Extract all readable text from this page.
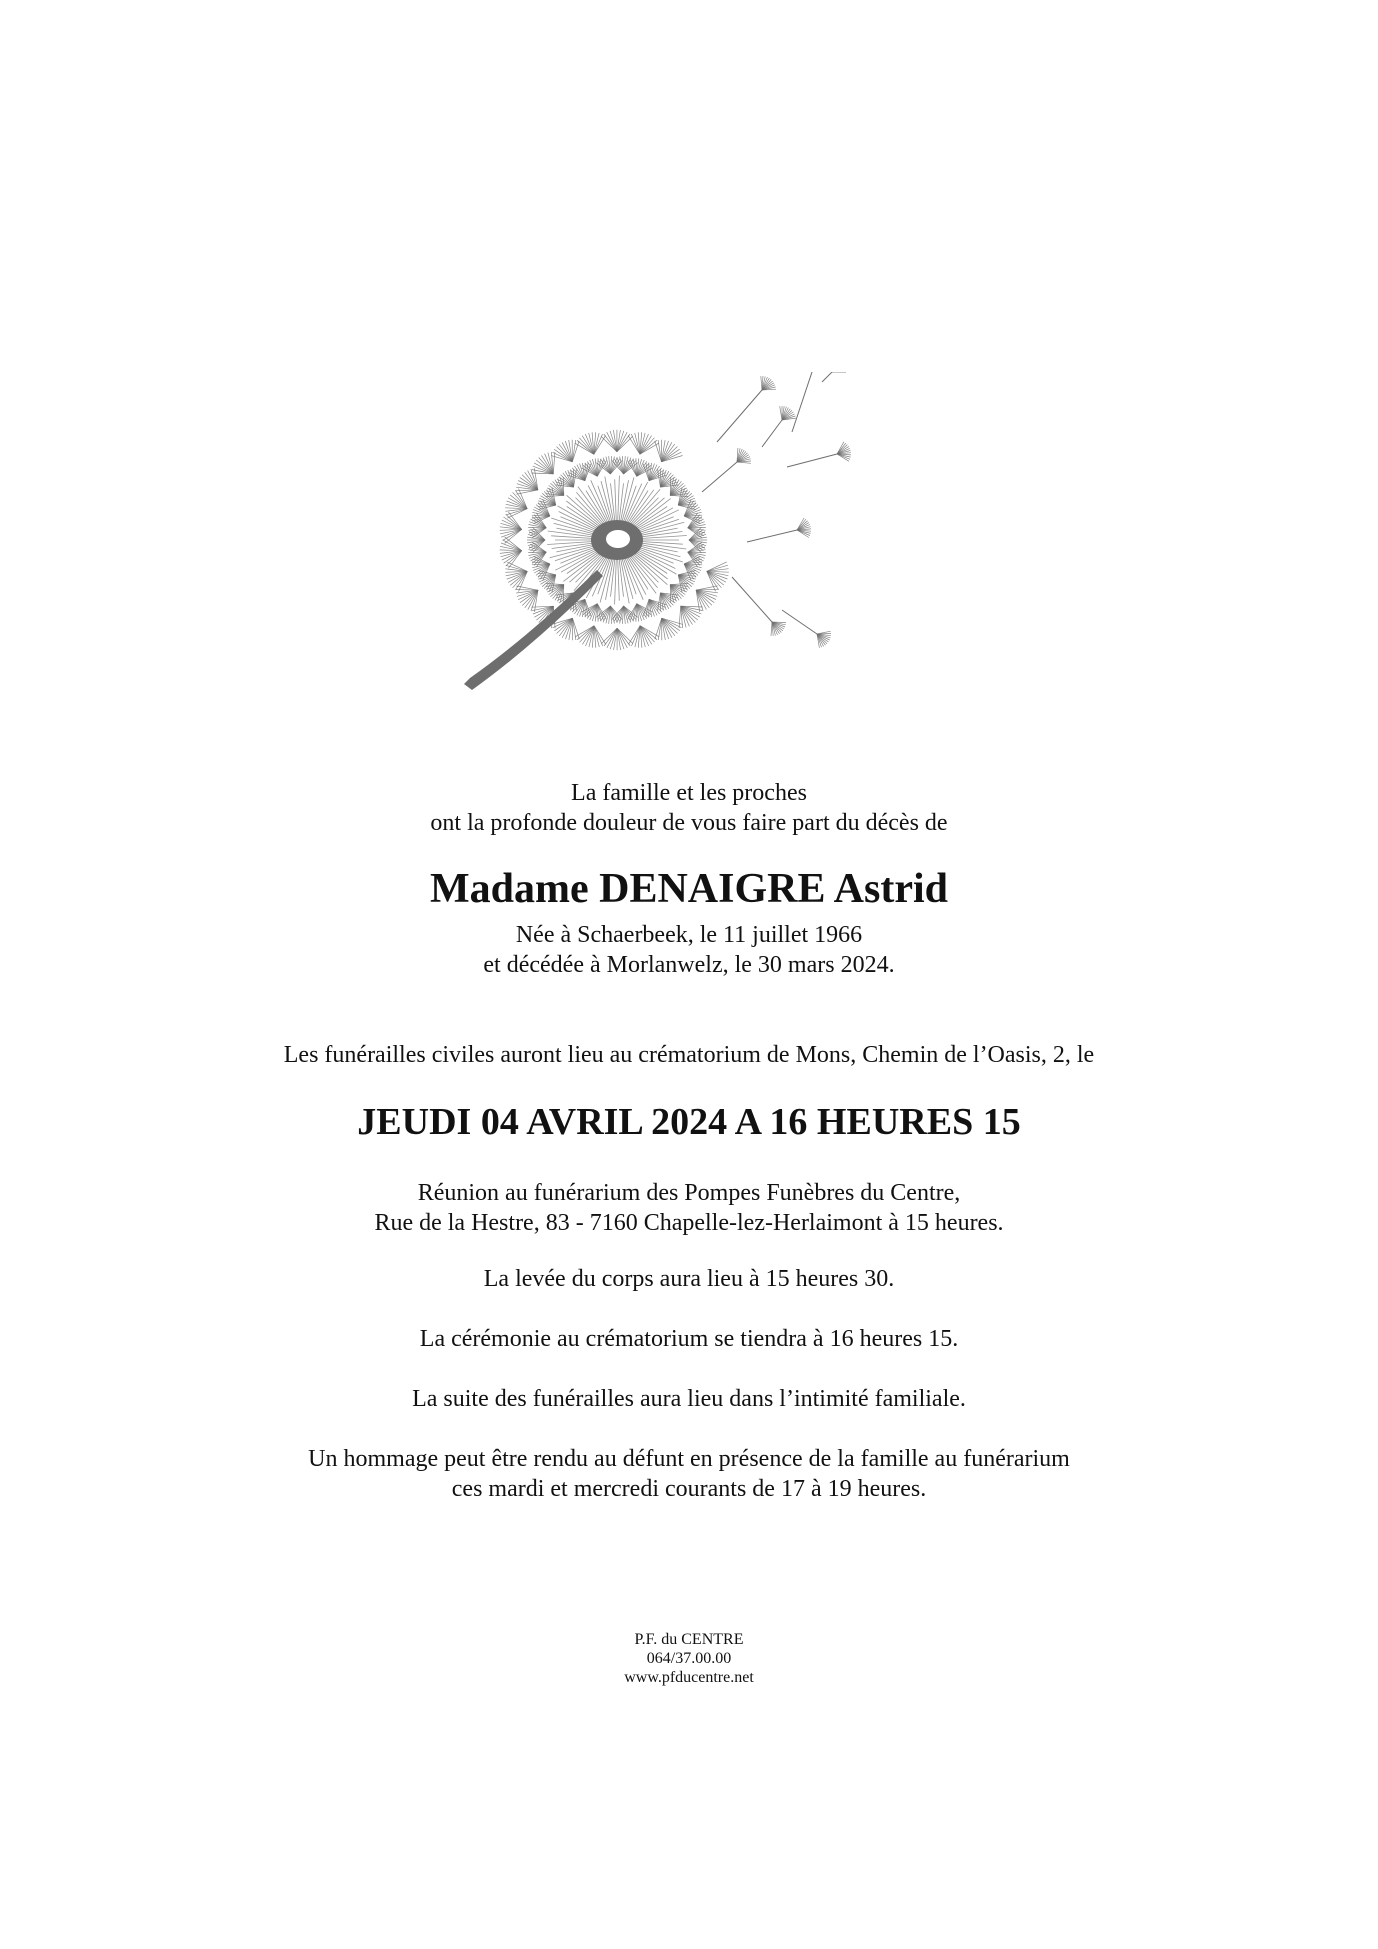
La famille et les proches
ont la profonde douleur de vous faire part du décès de
Madame DENAIGRE Astrid
Née à Schaerbeek, le 11 juillet 1966
et décédée à Morlanwelz, le 30 mars 2024.
Les funérailles civiles auront lieu au crématorium de Mons, Chemin de l’Oasis, 2, le
JEUDI 04 AVRIL 2024 A 16 HEURES 15
Réunion au funérarium des Pompes Funèbres du Centre,
Rue de la Hestre, 83 - 7160 Chapelle-lez-Herlaimont à 15 heures.
La levée du corps aura lieu à 15 heures 30.
La cérémonie au crématorium se tiendra à 16 heures 15.
La suite des funérailles aura lieu dans l’intimité familiale.
Un hommage peut être rendu au défunt en présence de la famille au funérarium
ces mardi et mercredi courants de 17 à 19 heures.
P.F. du CENTRE
064/37.00.00
www.pfducentre.net
